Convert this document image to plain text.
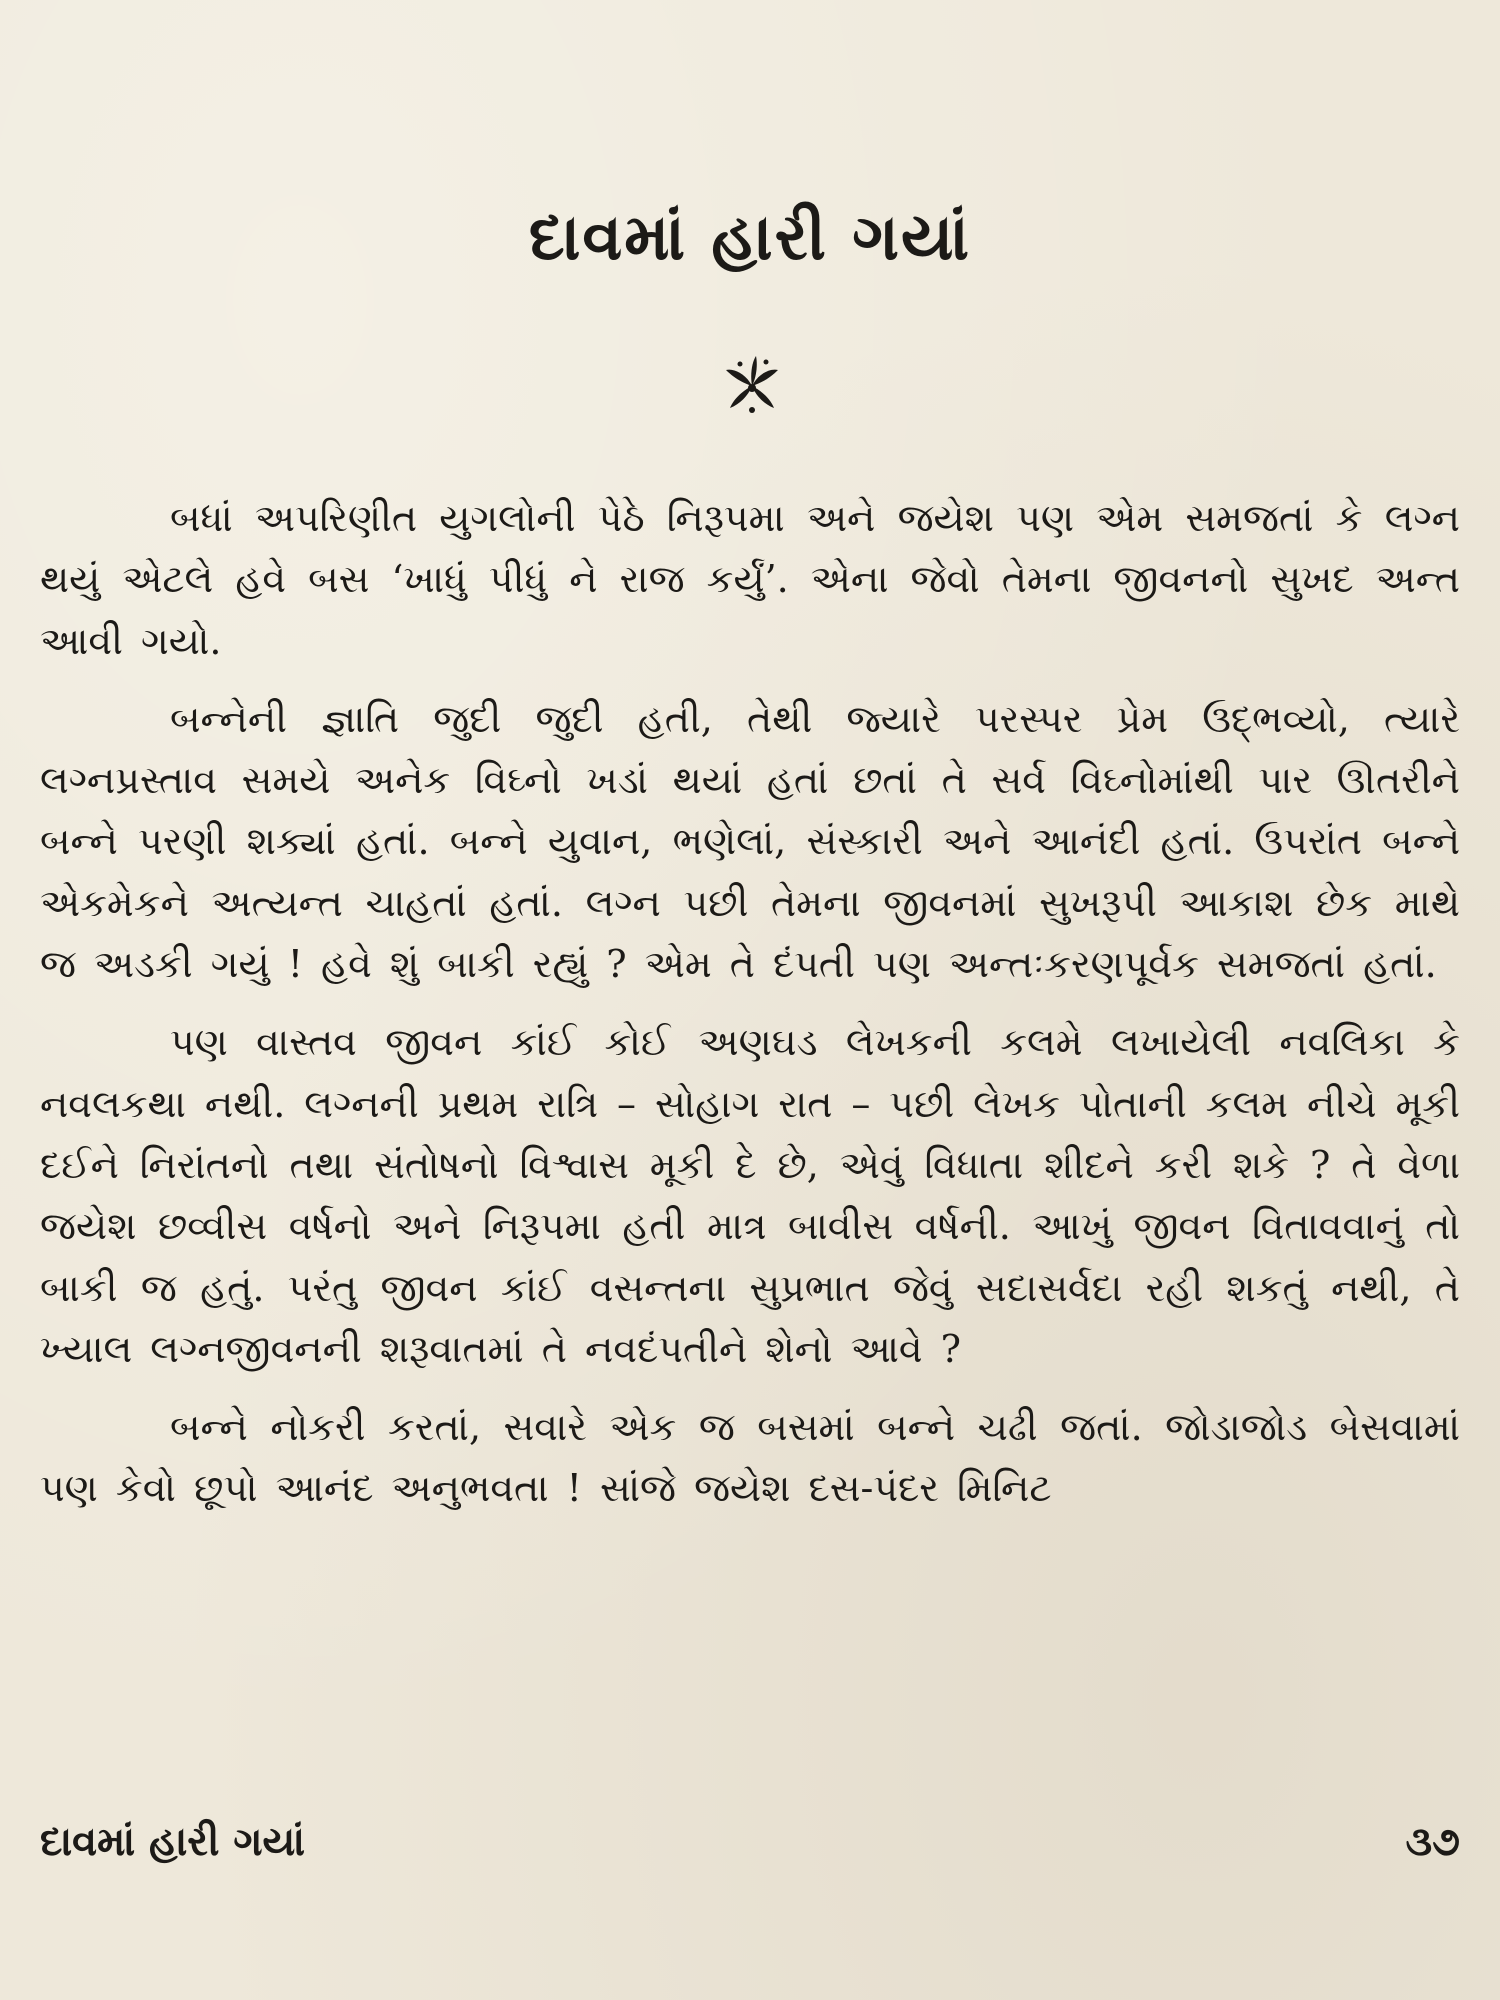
દાવમાં હારી ગયાં

બધાં અપરિણીત યુગલોની પેઠે નિરૂપમા અને જયેશ પણ એમ સમજતાં કે લગ્ન થયું એટલે હવે બસ ‘ખાધું પીધું ને રાજ કર્યું’. એના જેવો તેમના જીવનનો સુખદ અન્ત આવી ગયો.

બન્નેની જ્ઞાતિ જુદી જુદી હતી, તેથી જ્યારે પરસ્પર પ્રેમ ઉદ્ભવ્યો, ત્યારે લગ્નપ્રસ્તાવ સમયે અનેક વિઘ્નો ખડાં થયાં હતાં છતાં તે સર્વ વિઘ્નોમાંથી પાર ઊતરીને બન્ને પરણી શક્યાં હતાં. બન્ને યુવાન, ભણેલાં, સંસ્કારી અને આનંદી હતાં. ઉપરાંત બન્ને એકમેકને અત્યન્ત ચાહતાં હતાં. લગ્ન પછી તેમના જીવનમાં સુખરૂપી આકાશ છેક માથે જ અડકી ગયું ! હવે શું બાકી રહ્યું ? એમ તે દંપતી પણ અન્તઃકરણપૂર્વક સમજતાં હતાં.

પણ વાસ્તવ જીવન કાંઈ કોઈ અણઘડ લેખકની કલમે લખાયેલી નવલિકા કે નવલકથા નથી. લગ્નની પ્રથમ રાત્રિ – સોહાગ રાત – પછી લેખક પોતાની કલમ નીચે મૂકી દઈને નિરાંતનો તથા સંતોષનો વિશ્વાસ મૂકી દે છે, એવું વિધાતા શીદને કરી શકે ? તે વેળા જયેશ છવ્વીસ વર્ષનો અને નિરૂપમા હતી માત્ર બાવીસ વર્ષની. આખું જીવન વિતાવવાનું તો બાકી જ હતું. પરંતુ જીવન કાંઈ વસન્તના સુપ્રભાત જેવું સદાસર્વદા રહી શકતું નથી, તે ખ્યાલ લગ્નજીવનની શરૂવાતમાં તે નવદંપતીને શેનો આવે ?

બન્ને નોકરી કરતાં, સવારે એક જ બસમાં બન્ને ચઢી જતાં. જોડાજોડ બેસવામાં પણ કેવો છૂપો આનંદ અનુભવતા ! સાંજે જયેશ દસ-પંદર મિનિટ

દાવમાં હારી ગયાં	૩૭
